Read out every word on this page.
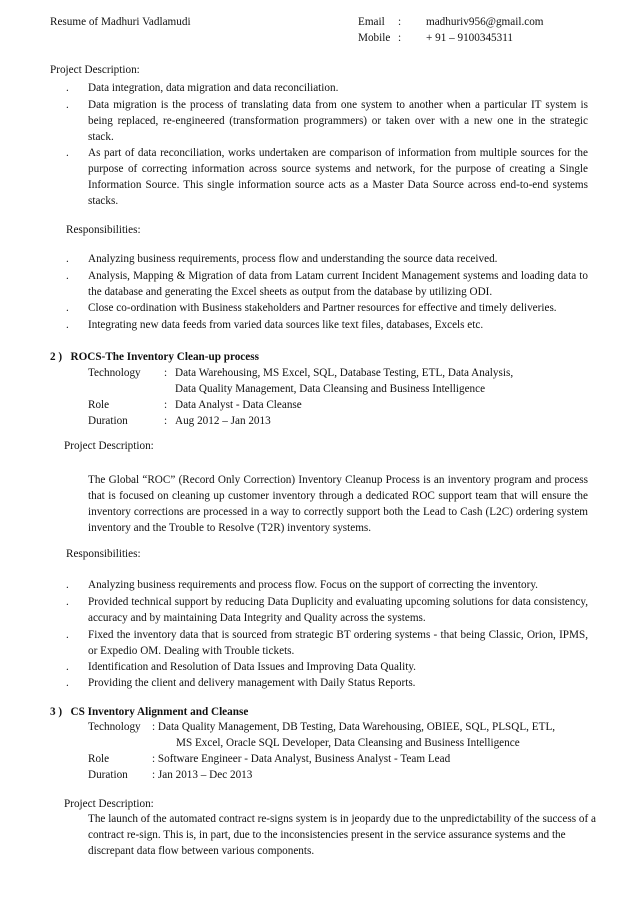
Resume of Madhuri Vadlamudi	Email : madhuriv956@gmail.com
Mobile : + 91 – 9100345311
Project Description:
. Data integration, data migration and data reconciliation.

. Data migration is the process of translating data from one system to another when a particular IT system is being replaced, re-engineered (transformation programmers) or taken over with a new one in the strategic stack.

. As part of data reconciliation, works undertaken are comparison of information from multiple sources for the purpose of correcting information across source systems and network, for the purpose of creating a Single Information Source. This single information source acts as a Master Data Source across end-to-end systems stacks.

Responsibilities:
. Analyzing business requirements, process flow and understanding the source data received.

. Analysis, Mapping & Migration of data from Latam current Incident Management systems and loading data to the database and generating the Excel sheets as output from the database by utilizing ODI.

. Close co-ordination with Business stakeholders and Partner resources for effective and timely deliveries.

. Integrating new data feeds from varied data sources like text files, databases, Excels etc.

2 )   ROCS-The Inventory Clean-up process
Technology : Data Warehousing, MS Excel, SQL, Database Testing, ETL, Data Analysis,
Data Quality Management, Data Cleansing and Business Intelligence
Role	: Data Analyst - Data Cleanse
Duration	: Aug 2012 – Jan 2013
Project Description:

The Global “ROC” (Record Only Correction) Inventory Cleanup Process is an inventory program and process that is focused on cleaning up customer inventory through a dedicated ROC support team that will ensure the inventory corrections are processed in a way to correctly support both the Lead to Cash (L2C) ordering system inventory and the Trouble to Resolve (T2R) inventory systems.

Responsibilities:
. Analyzing business requirements and process flow. Focus on the support of correcting the inventory.

. Provided technical support by reducing Data Duplicity and evaluating upcoming solutions for data consistency, accuracy and by maintaining Data Integrity and Quality across the systems.

. Fixed the inventory data that is sourced from strategic BT ordering systems - that being Classic, Orion, IPMS, or Expedio OM. Dealing with Trouble tickets.

. Identification and Resolution of Data Issues and Improving Data Quality.

. Providing the client and delivery management with Daily Status Reports.

3 )   CS Inventory Alignment and Cleanse
Technology : Data Quality Management, DB Testing, Data Warehousing, OBIEE, SQL, PLSQL, ETL,
MS Excel, Oracle SQL Developer, Data Cleansing and Business Intelligence
Role	: Software Engineer - Data Analyst, Business Analyst - Team Lead
Duration : Jan 2013 – Dec 2013
Project Description:

The launch of the automated contract re-signs system is in jeopardy due to the unpredictability of the success of a contract re-sign. This is, in part, due to the inconsistencies present in the service assurance systems and the discrepant data flow between various components.
